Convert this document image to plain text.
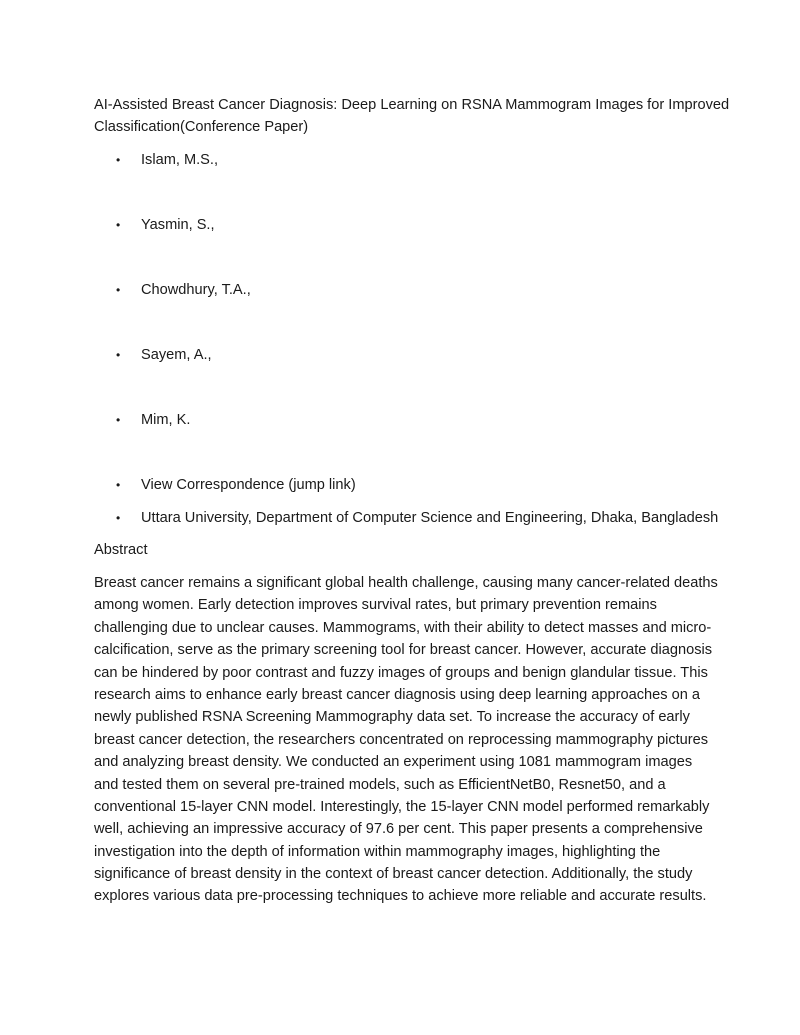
AI-Assisted Breast Cancer Diagnosis: Deep Learning on RSNA Mammogram Images for Improved
Classification(Conference Paper)
• Islam, M.S.,
• Yasmin, S.,
• Chowdhury, T.A.,
• Sayem, A.,
• Mim, K.
• View Correspondence (jump link)
• Uttara University, Department of Computer Science and Engineering, Dhaka, Bangladesh
Abstract

Breast cancer remains a significant global health challenge, causing many cancer-related deaths
among women. Early detection improves survival rates, but primary prevention remains
challenging due to unclear causes. Mammograms, with their ability to detect masses and micro-
calcification, serve as the primary screening tool for breast cancer. However, accurate diagnosis
can be hindered by poor contrast and fuzzy images of groups and benign glandular tissue. This
research aims to enhance early breast cancer diagnosis using deep learning approaches on a
newly published RSNA Screening Mammography data set. To increase the accuracy of early
breast cancer detection, the researchers concentrated on reprocessing mammography pictures
and analyzing breast density. We conducted an experiment using 1081 mammogram images
and tested them on several pre-trained models, such as EfficientNetB0, Resnet50, and a
conventional 15-layer CNN model. Interestingly, the 15-layer CNN model performed remarkably
well, achieving an impressive accuracy of 97.6 per cent. This paper presents a comprehensive
investigation into the depth of information within mammography images, highlighting the
significance of breast density in the context of breast cancer detection. Additionally, the study
explores various data pre-processing techniques to achieve more reliable and accurate results.
